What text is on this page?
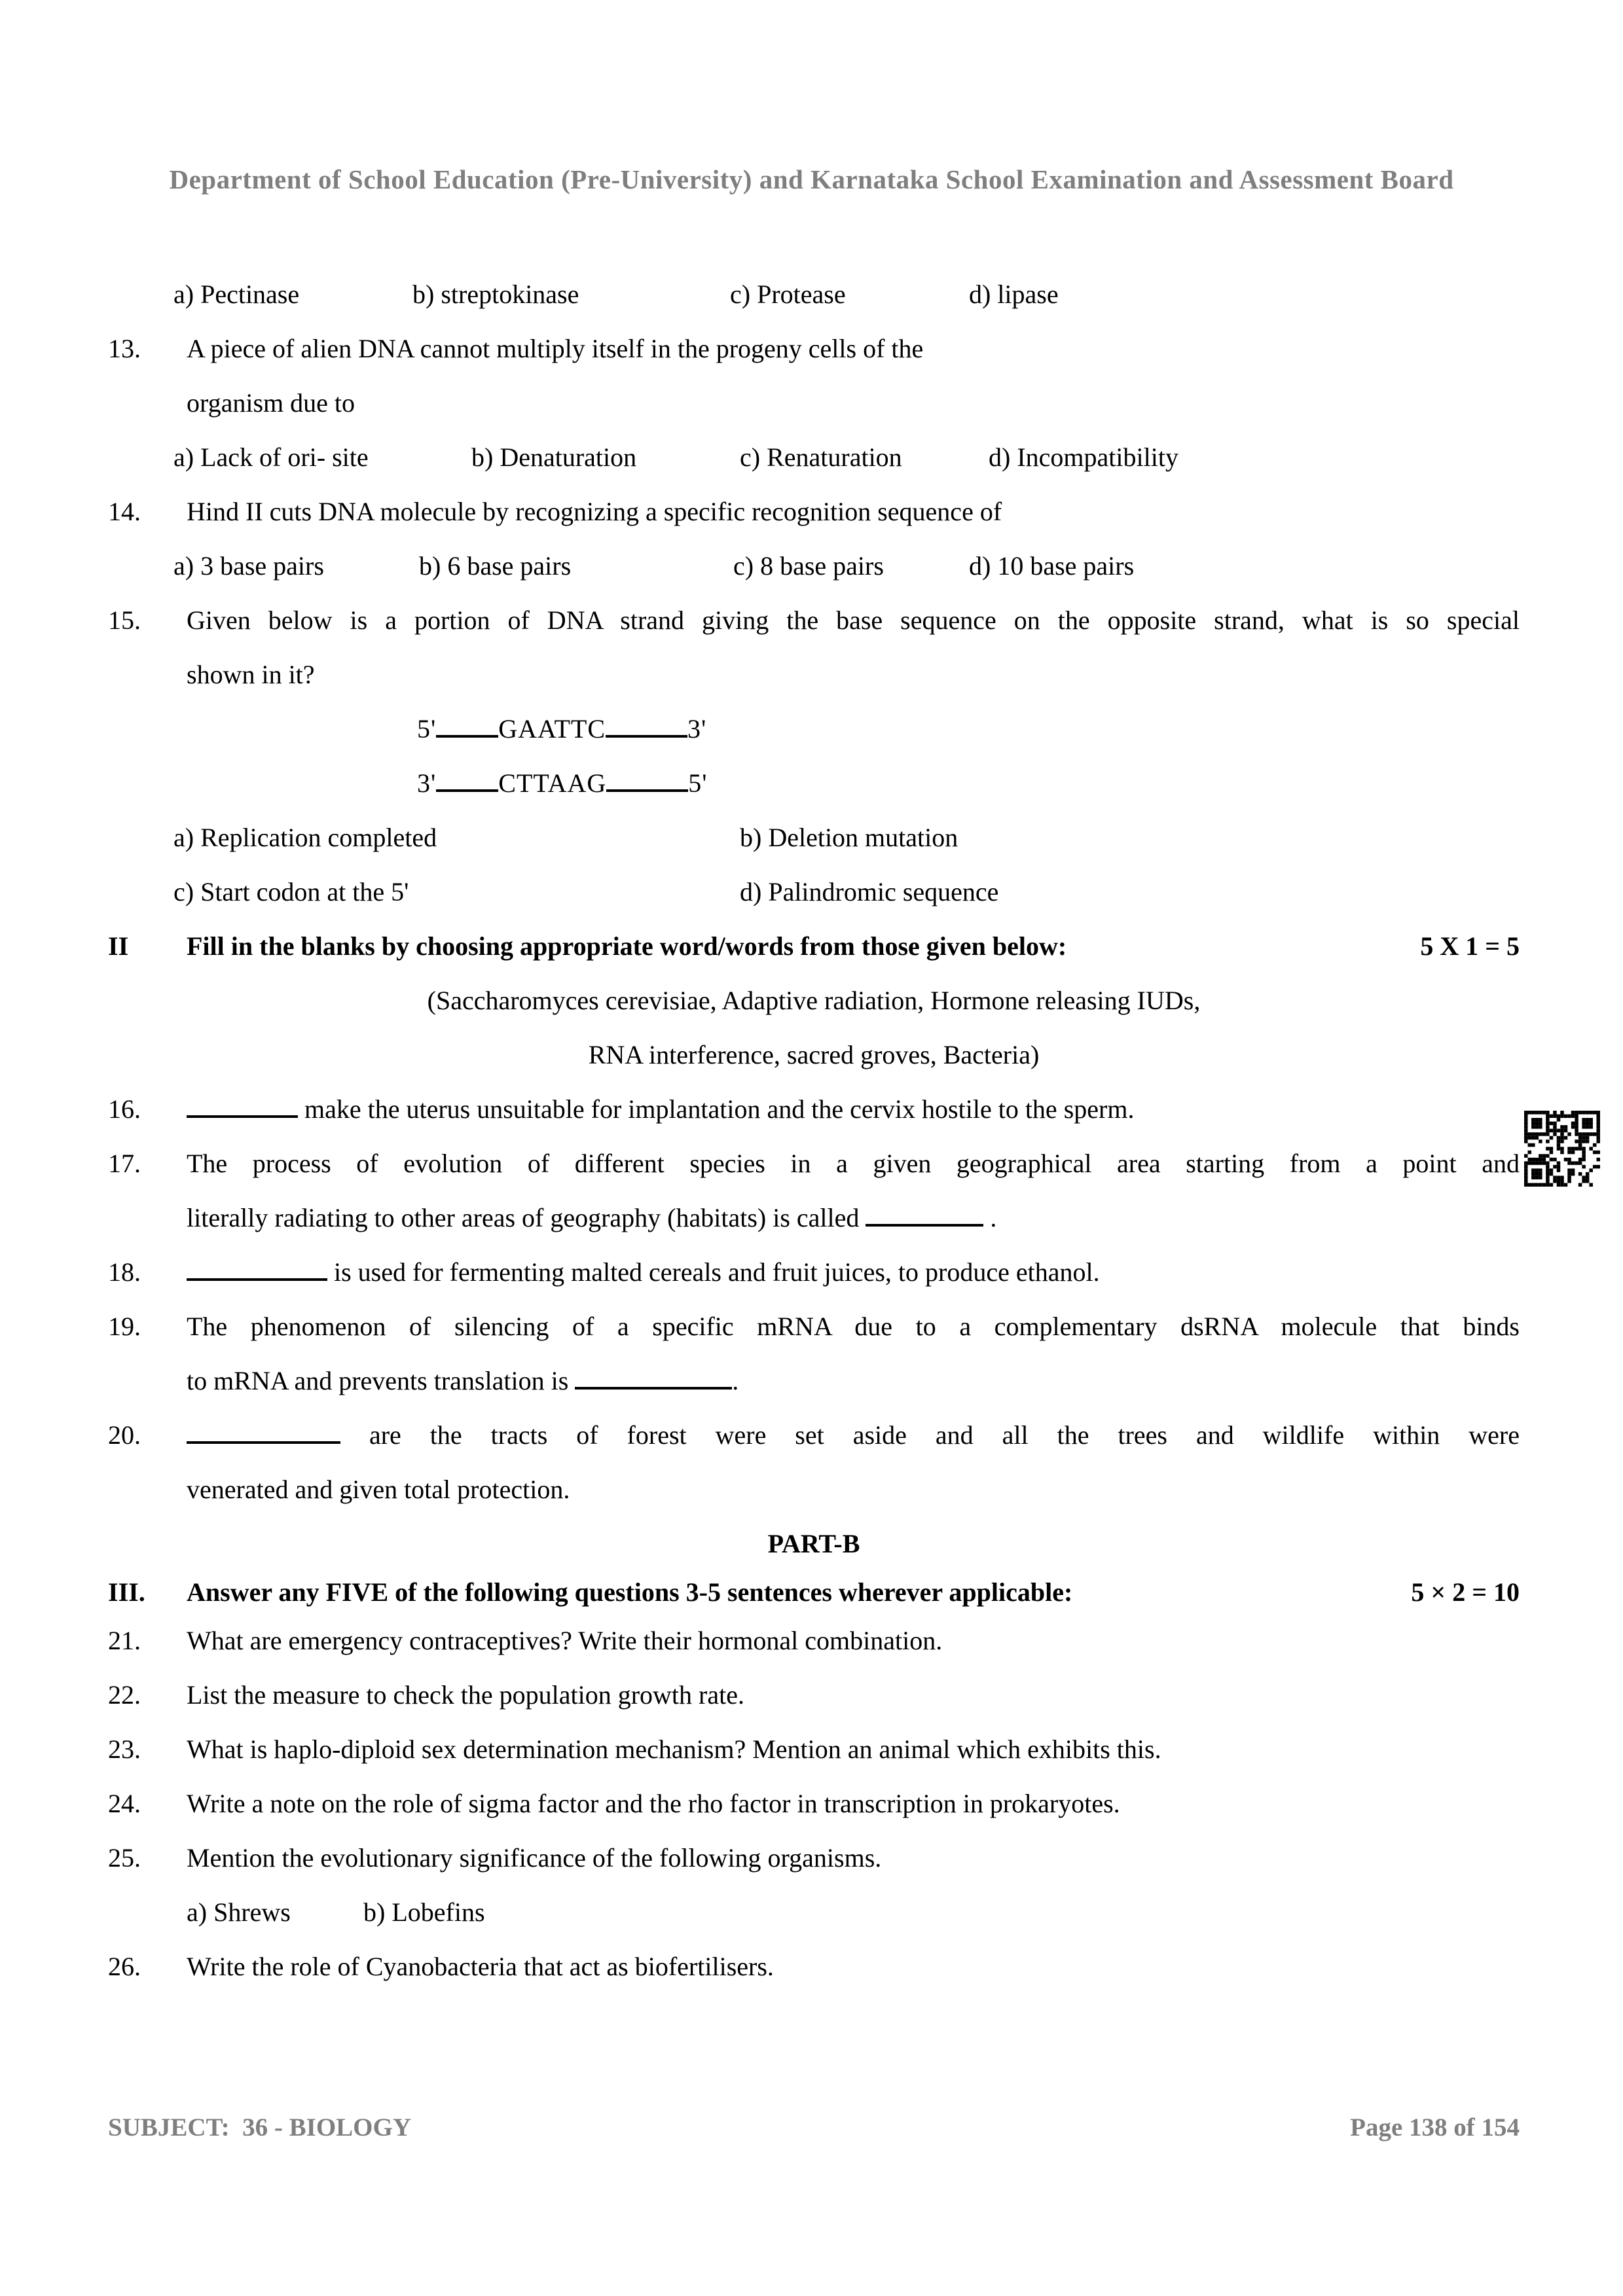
Department of School Education (Pre-University) and Karnataka School Examination and Assessment Board
a) Pectinase	b) streptokinase	c) Protease	d) lipase
13.	A piece of alien DNA cannot multiply itself in the progeny cells of the
organism due to
a) Lack of ori- site	b) Denaturation	c) Renaturation	d) Incompatibility
14.	Hind II cuts DNA molecule by recognizing a specific recognition sequence of
a) 3 base pairs	b) 6 base pairs	c) 8 base pairs	d) 10 base pairs
15.	Given below is a portion of DNA strand giving the base sequence on the opposite strand, what is so special
shown in it?
5' GAATTC	3'
3' CTTAAG	5'
a) Replication completed	b) Deletion mutation
c) Start codon at the 5'	d) Palindromic sequence
II	Fill in the blanks by choosing appropriate word/words from those given below:	5 X 1 = 5
(Saccharomyces cerevisiae, Adaptive radiation, Hormone releasing IUDs,
RNA interference, sacred groves, Bacteria)
16.	make the uterus unsuitable for implantation and the cervix hostile to the sperm.
17.	The process of evolution of different species in a given geographical area starting from a point and
literally radiating to other areas of geography (habitats) is called	.
18.	is used for fermenting malted cereals and fruit juices, to produce ethanol.
19.	The phenomenon of silencing of a specific mRNA due to a complementary dsRNA molecule that binds
to mRNA and prevents translation is	.
20.	are the tracts of forest were set aside and all the trees and wildlife within were
venerated and given total protection.
PART-B
III.	Answer any FIVE of the following questions 3-5 sentences wherever applicable:	5 × 2 = 10
21.	What are emergency contraceptives? Write their hormonal combination.
22.	List the measure to check the population growth rate.
23.	What is haplo-diploid sex determination mechanism? Mention an animal which exhibits this.
24.	Write a note on the role of sigma factor and the rho factor in transcription in prokaryotes.
25.	Mention the evolutionary significance of the following organisms.
a) Shrews	b) Lobefins
26.	Write the role of Cyanobacteria that act as biofertilisers.
SUBJECT:  36 - BIOLOGY	Page 138 of 154
